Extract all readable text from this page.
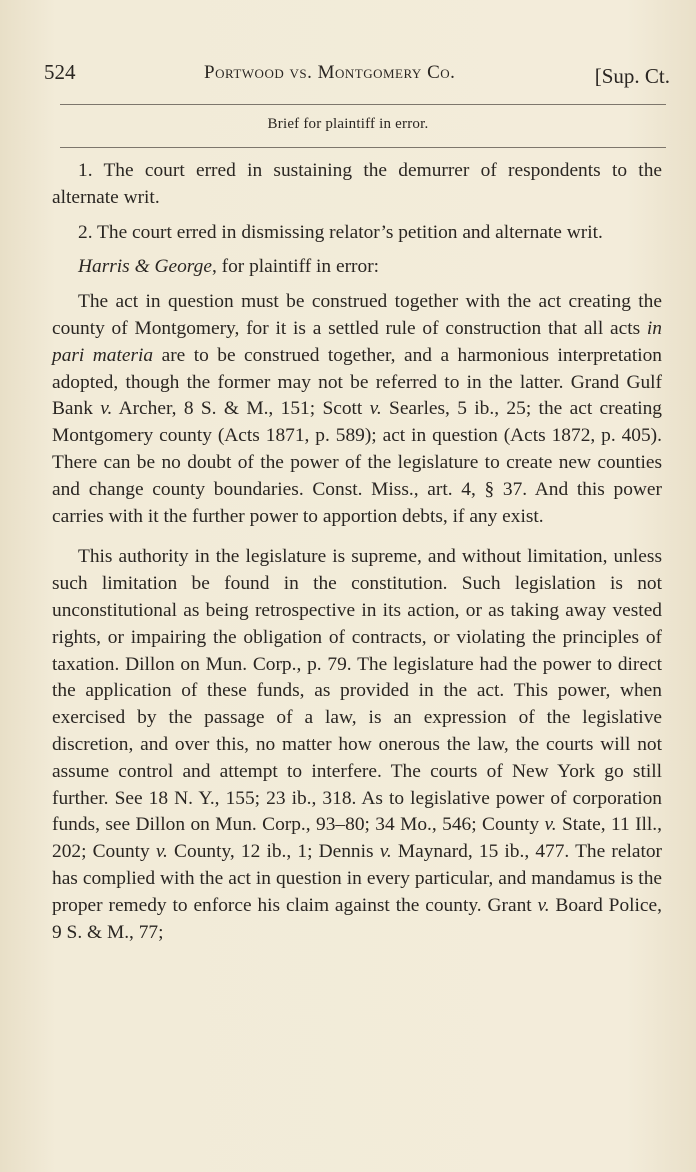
524	Portwood vs. Montgomery Co.	[Sup. Ct.
Brief for plaintiff in error.

1. The court erred in sustaining the demurrer of respondents to the alternate writ.

2. The court erred in dismissing relator’s petition and alternate writ.

Harris & George, for plaintiff in error:

The act in question must be construed together with the act creating the county of Montgomery, for it is a settled rule of construction that all acts in pari materia are to be construed together, and a harmonious interpretation adopted, though the former may not be referred to in the latter. Grand Gulf Bank v. Archer, 8 S. & M., 151; Scott v. Searles, 5 ib., 25; the act creating Montgomery county (Acts 1871, p. 589); act in question (Acts 1872, p. 405). There can be no doubt of the power of the legislature to create new counties and change county boundaries. Const. Miss., art. 4, § 37. And this power carries with it the further power to apportion debts, if any exist.

This authority in the legislature is supreme, and without limitation, unless such limitation be found in the constitution. Such legislation is not unconstitutional as being retrospective in its action, or as taking away vested rights, or impairing the obligation of contracts, or violating the principles of taxation. Dillon on Mun. Corp., p. 79. The legislature had the power to direct the application of these funds, as provided in the act. This power, when exercised by the passage of a law, is an expression of the legislative discretion, and over this, no matter how onerous the law, the courts will not assume control and attempt to interfere. The courts of New York go still further. See 18 N. Y., 155; 23 ib., 318. As to legislative power of corporation funds, see Dillon on Mun. Corp., 93–80; 34 Mo., 546; County v. State, 11 Ill., 202; County v. County, 12 ib., 1; Dennis v. Maynard, 15 ib., 477. The relator has complied with the act in question in every particular, and mandamus is the proper remedy to enforce his claim against the county. Grant v. Board Police, 9 S. & M., 77;
